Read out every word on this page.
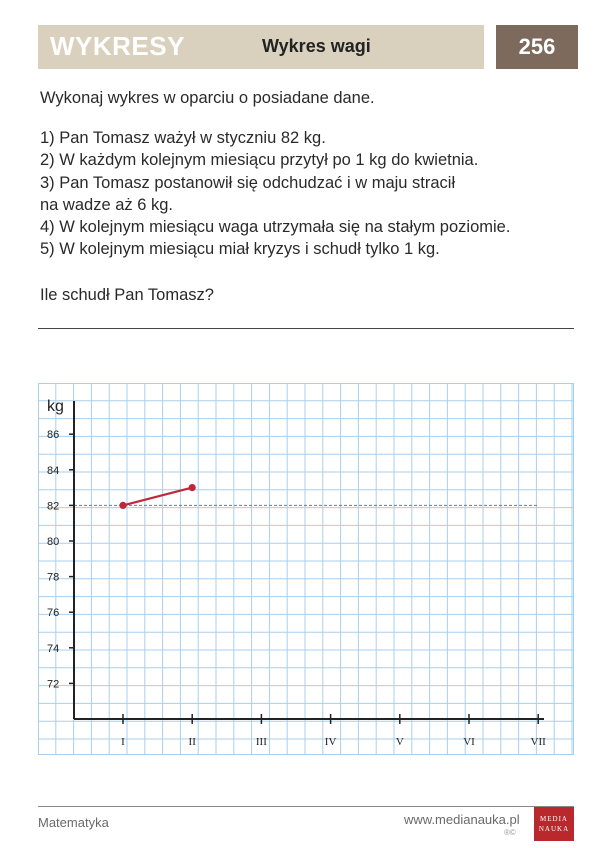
WYKRESY	Wykres wagi	256
Wykonaj wykres w oparciu o posiadane dane.
1) Pan Tomasz ważył w styczniu 82 kg.
2) W każdym kolejnym miesiącu przytył po 1 kg do kwietnia.
3) Pan Tomasz postanowił się odchudzać i w maju stracił
na wadze aż 6 kg.
4) W kolejnym miesiącu waga utrzymała się na stałym poziomie.
5) W kolejnym miesiącu miał kryzys i schudł tylko 1 kg.
Ile schudł Pan Tomasz?
kg
72
74
76
78
80
82
84
86
I	II	III	IV	V	VI	VII
Matematyka	www.medianauka.pl
®©
MEDIA
NAUKA
